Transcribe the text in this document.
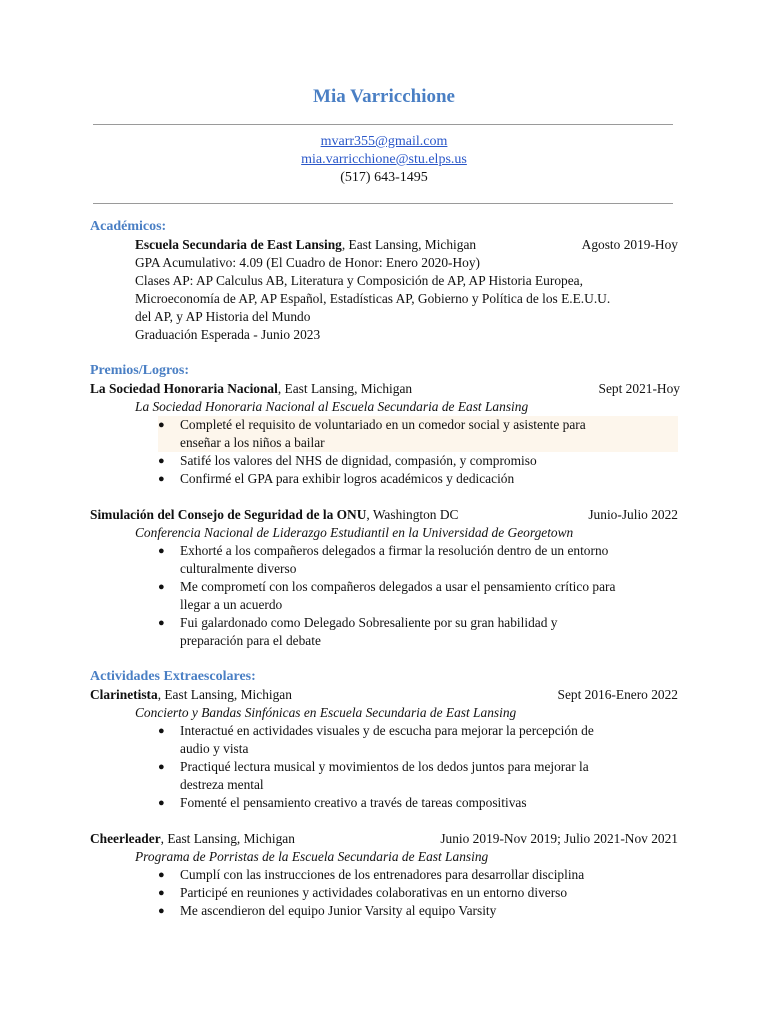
Mia Varricchione
mvarr355@gmail.com
mia.varricchione@stu.elps.us
(517) 643-1495
Académicos:
Escuela Secundaria de East Lansing, East Lansing, Michigan	Agosto 2019-Hoy
GPA Acumulativo: 4.09 (El Cuadro de Honor: Enero 2020-Hoy)
Clases AP: AP Calculus AB, Literatura y Composición de AP, AP Historia Europea,
Microeconomía de AP, AP Español, Estadísticas AP, Gobierno y Política de los E.E.U.U.
del AP, y AP Historia del Mundo
Graduación Esperada - Junio 2023
Premios/Logros:
La Sociedad Honoraria Nacional, East Lansing, Michigan	Sept 2021-Hoy
La Sociedad Honoraria Nacional al Escuela Secundaria de East Lansing
● Completé el requisito de voluntariado en un comedor social y asistente para
enseñar a los niños a bailar
● Satifé los valores del NHS de dignidad, compasión, y compromiso
● Confirmé el GPA para exhibir logros académicos y dedicación
Simulación del Consejo de Seguridad de la ONU, Washington DC	Junio-Julio 2022
Conferencia Nacional de Liderazgo Estudiantil en la Universidad de Georgetown
● Exhorté a los compañeros delegados a firmar la resolución dentro de un entorno
culturalmente diverso
● Me comprometí con los compañeros delegados a usar el pensamiento crítico para
llegar a un acuerdo
● Fui galardonado como Delegado Sobresaliente por su gran habilidad y
preparación para el debate
Actividades Extraescolares:
Clarinetista, East Lansing, Michigan	Sept 2016-Enero 2022
Concierto y Bandas Sinfónicas en Escuela Secundaria de East Lansing
● Interactué en actividades visuales y de escucha para mejorar la percepción de
audio y vista
● Practiqué lectura musical y movimientos de los dedos juntos para mejorar la
destreza mental
● Fomenté el pensamiento creativo a través de tareas compositivas
Cheerleader, East Lansing, Michigan	Junio 2019-Nov 2019; Julio 2021-Nov 2021
Programa de Porristas de la Escuela Secundaria de East Lansing
● Cumplí con las instrucciones de los entrenadores para desarrollar disciplina
● Participé en reuniones y actividades colaborativas en un entorno diverso
● Me ascendieron del equipo Junior Varsity al equipo Varsity
